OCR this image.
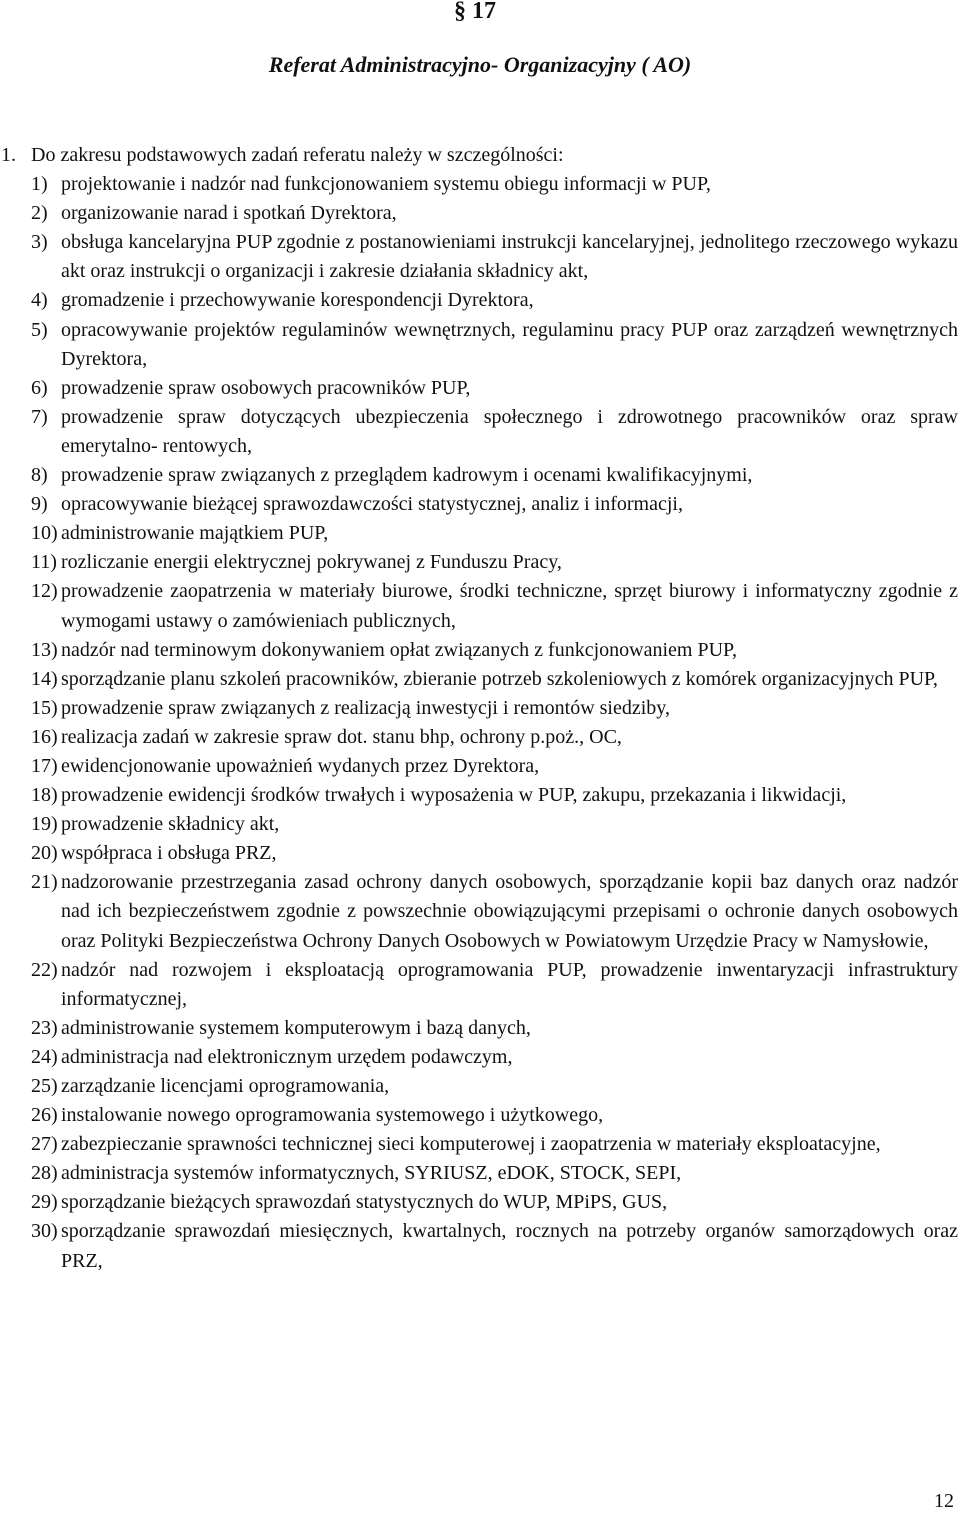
§ 17
Referat Administracyjno- Organizacyjny ( AO)
1. Do zakresu podstawowych zadań referatu należy w szczególności:
1) projektowanie i nadzór nad funkcjonowaniem systemu obiegu informacji w PUP,
2) organizowanie narad i spotkań Dyrektora,
3) obsługa kancelaryjna PUP zgodnie z postanowieniami instrukcji kancelaryjnej, jednolitego rzeczowego wykazu akt oraz instrukcji o organizacji i zakresie działania składnicy akt,
4) gromadzenie i przechowywanie korespondencji Dyrektora,
5) opracowywanie projektów regulaminów wewnętrznych, regulaminu pracy PUP oraz zarządzeń wewnętrznych Dyrektora,
6) prowadzenie spraw osobowych pracowników PUP,
7) prowadzenie spraw dotyczących ubezpieczenia społecznego i zdrowotnego pracowników oraz spraw emerytalno- rentowych,
8) prowadzenie spraw związanych z przeglądem kadrowym i ocenami kwalifikacyjnymi,
9) opracowywanie bieżącej sprawozdawczości statystycznej, analiz i informacji,
10) administrowanie majątkiem PUP,
11) rozliczanie energii elektrycznej pokrywanej z Funduszu Pracy,
12) prowadzenie zaopatrzenia w materiały biurowe, środki techniczne, sprzęt biurowy i informatyczny zgodnie z wymogami ustawy o zamówieniach publicznych,
13) nadzór nad terminowym dokonywaniem opłat związanych z funkcjonowaniem PUP,
14) sporządzanie planu szkoleń pracowników, zbieranie potrzeb szkoleniowych z komórek organizacyjnych PUP,
15) prowadzenie spraw związanych z realizacją inwestycji i remontów siedziby,
16) realizacja zadań w zakresie spraw dot. stanu bhp, ochrony p.poż., OC,
17) ewidencjonowanie upoważnień wydanych przez Dyrektora,
18) prowadzenie ewidencji środków trwałych i wyposażenia w PUP, zakupu, przekazania i likwidacji,
19) prowadzenie składnicy akt,
20) współpraca i obsługa PRZ,
21) nadzorowanie przestrzegania zasad ochrony danych osobowych, sporządzanie kopii baz danych oraz nadzór nad ich bezpieczeństwem zgodnie z powszechnie obowiązującymi przepisami o ochronie danych osobowych oraz Polityki Bezpieczeństwa Ochrony Danych Osobowych w Powiatowym Urzędzie Pracy w Namysłowie,
22) nadzór nad rozwojem i eksploatacją oprogramowania PUP, prowadzenie inwentaryzacji infrastruktury informatycznej,
23) administrowanie systemem komputerowym i bazą danych,
24) administracja nad elektronicznym urzędem podawczym,
25) zarządzanie licencjami oprogramowania,
26) instalowanie nowego oprogramowania systemowego i użytkowego,
27) zabezpieczanie sprawności technicznej sieci komputerowej i zaopatrzenia w materiały eksploatacyjne,
28) administracja systemów informatycznych, SYRIUSZ, eDOK, STOCK, SEPI,
29) sporządzanie bieżących sprawozdań statystycznych do WUP, MPiPS, GUS,
30) sporządzanie sprawozdań miesięcznych, kwartalnych, rocznych na potrzeby organów samorządowych oraz PRZ,
12
